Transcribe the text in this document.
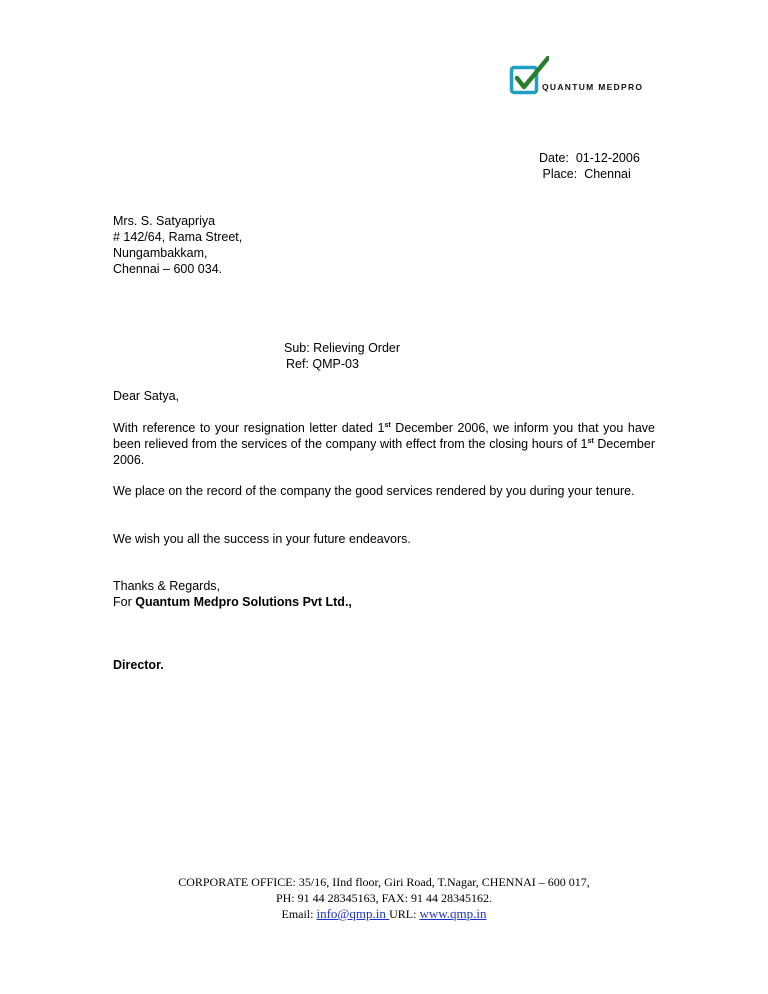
QUANTUM MEDPRO
Date: 01-12-2006
Place: Chennai
Mrs. S. Satyapriya
# 142/64, Rama Street,
Nungambakkam,
Chennai – 600 034.
Sub: Relieving Order
Ref: QMP-03
Dear Satya,
With reference to your resignation letter dated 1st December 2006, we inform you that you have been relieved from the services of the company with effect from the closing hours of 1st December 2006.
We place on the record of the company the good services rendered by you during your tenure.
We wish you all the success in your future endeavors.
Thanks & Regards,
For Quantum Medpro Solutions Pvt Ltd.,
Director.
CORPORATE OFFICE: 35/16, IInd floor, Giri Road, T.Nagar, CHENNAI – 600 017,
PH: 91 44 28345163, FAX: 91 44 28345162.
Email: info@qmp.in URL: www.qmp.in
